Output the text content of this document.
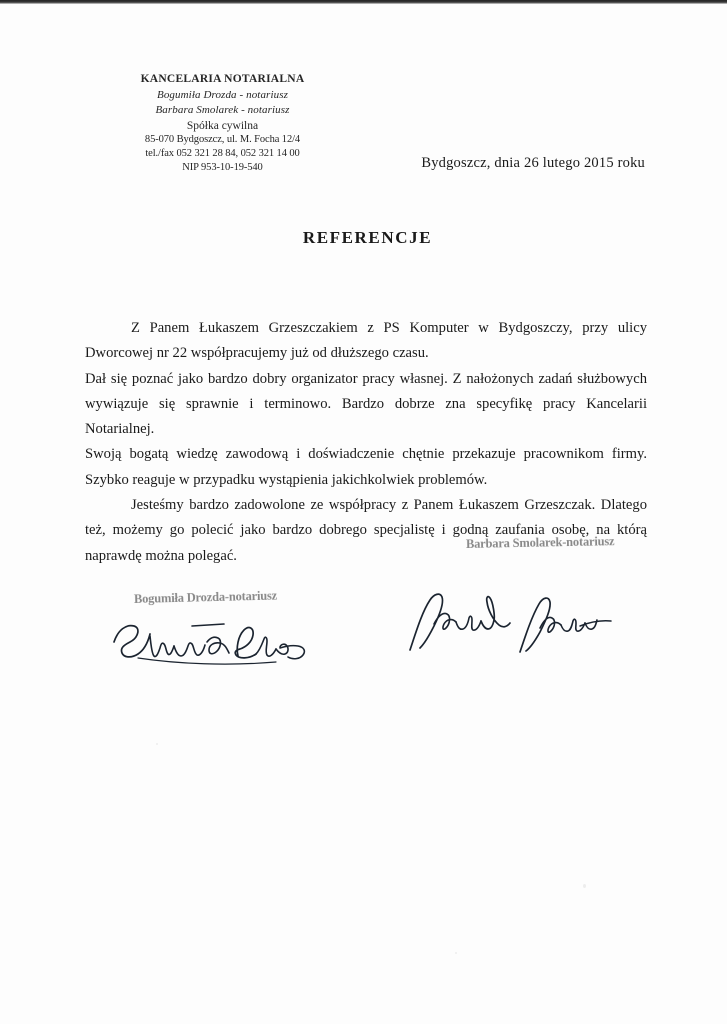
KANCELARIA NOTARIALNA
Bogumiła Drozda - notariusz
Barbara Smolarek - notariusz
Spółka cywilna
85-070 Bydgoszcz, ul. M. Focha 12/4
tel./fax 052 321 28 84, 052 321 14 00
NIP 953-10-19-540	Bydgoszcz, dnia 26 lutego 2015 roku
REFERENCJE

Z Panem Łukaszem Grzeszczakiem z PS Komputer w Bydgoszczy, przy ulicy Dworcowej nr 22 współpracujemy już od dłuższego czasu.

Dał się poznać jako bardzo dobry organizator pracy własnej. Z nałożonych zadań służbowych wywiązuje się sprawnie i terminowo. Bardzo dobrze zna specyfikę pracy Kancelarii Notarialnej.

Swoją bogatą wiedzę zawodową i doświadczenie chętnie przekazuje pracownikom firmy. Szybko reaguje w przypadku wystąpienia jakichkolwiek problemów.

Jesteśmy bardzo zadowolone ze współpracy z Panem Łukaszem Grzeszczak. Dlatego też, możemy go polecić jako bardzo dobrego specjalistę i godną zaufania osobę, na którą naprawdę można polegać.

Barbara Smolarek-notariusz
Bogumiła Drozda-notariusz
